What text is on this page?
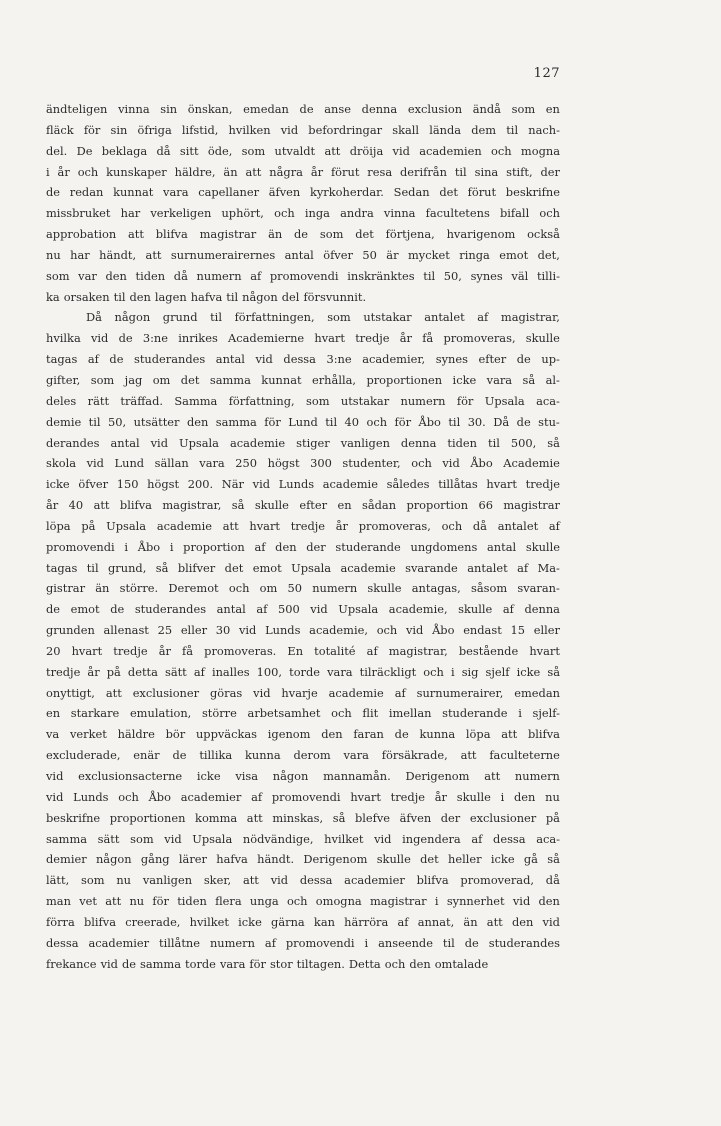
127
ändteligen vinna sin önskan, emedan de anse denna exclusion ändå som en
fläck för sin öfriga lifstid, hvilken vid befordringar skall lända dem til nach-
del. De beklaga då sitt öde, som utvaldt att dröija vid academien och mogna
i år och kunskaper häldre, än att några år förut resa derifrån til sina stift, der
de redan kunnat vara capellaner äfven kyrkoherdar. Sedan det förut beskrifne
missbruket har verkeligen uphört, och inga andra vinna facultetens bifall och
approbation att blifva magistrar än de som det förtjena, hvarigenom också
nu har händt, att surnumerairernes antal öfver 50 är mycket ringa emot det,
som var den tiden då numern af promovendi inskränktes til 50, synes väl tilli-
ka orsaken til den lagen hafva til någon del försvunnit.
Då någon grund til författningen, som utstakar antalet af magistrar,
hvilka vid de 3:ne inrikes Academierne hvart tredje år få promoveras, skulle
tagas af de studerandes antal vid dessa 3:ne academier, synes efter de up-
gifter, som jag om det samma kunnat erhålla, proportionen icke vara så al-
deles rätt träffad. Samma författning, som utstakar numern för Upsala aca-
demie til 50, utsätter den samma för Lund til 40 och för Åbo til 30. Då de stu-
derandes antal vid Upsala academie stiger vanligen denna tiden til 500, så
skola vid Lund sällan vara 250 högst 300 studenter, och vid Åbo Academie
icke öfver 150 högst 200. När vid Lunds academie således tillåtas hvart tredje
år 40 att blifva magistrar, så skulle efter en sådan proportion 66 magistrar
löpa på Upsala academie att hvart tredje år promoveras, och då antalet af
promovendi i Åbo i proportion af den der studerande ungdomens antal skulle
tagas til grund, så blifver det emot Upsala academie svarande antalet af Ma-
gistrar än större. Deremot och om 50 numern skulle antagas, såsom svaran-
de emot de studerandes antal af 500 vid Upsala academie, skulle af denna
grunden allenast 25 eller 30 vid Lunds academie, och vid Åbo endast 15 eller
20 hvart tredje år få promoveras. En totalité af magistrar, bestående hvart
tredje år på detta sätt af inalles 100, torde vara tilräckligt och i sig sjelf icke så
onyttigt, att exclusioner göras vid hvarje academie af surnumerairer, emedan
en starkare emulation, större arbetsamhet och flit imellan studerande i sjelf-
va verket häldre bör uppväckas igenom den faran de kunna löpa att blifva
excluderade, enär de tillika kunna derom vara försäkrade, att faculteterne
vid exclusionsacterne icke visa någon mannamån. Derigenom att numern
vid Lunds och Åbo academier af promovendi hvart tredje år skulle i den nu
beskrifne proportionen komma att minskas, så blefve äfven der exclusioner på
samma sätt som vid Upsala nödvändige, hvilket vid ingendera af dessa aca-
demier någon gång lärer hafva händt. Derigenom skulle det heller icke gå så
lätt, som nu vanligen sker, att vid dessa academier blifva promoverad, då
man vet att nu för tiden flera unga och omogna magistrar i synnerhet vid den
förra blifva creerade, hvilket icke gärna kan härröra af annat, än att den vid
dessa academier tillåtne numern af promovendi i anseende til de studerandes
frekance vid de samma torde vara för stor tiltagen. Detta och den omtalade
